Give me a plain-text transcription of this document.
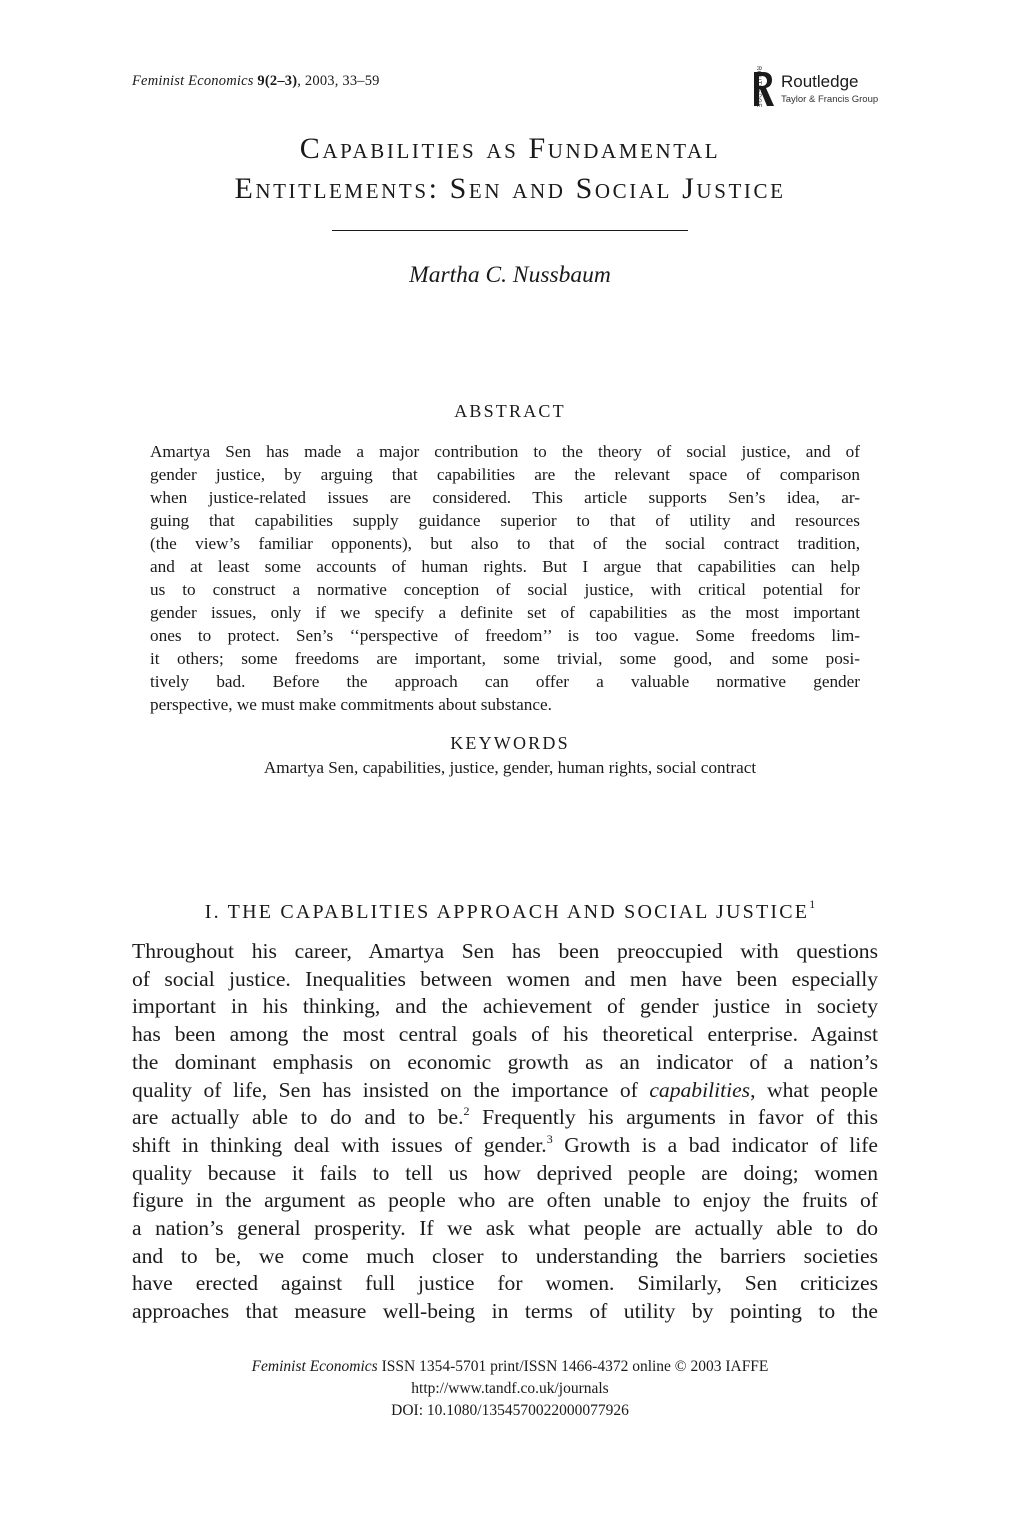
Feminist Economics 9(2–3), 2003, 33–59	ROUTLEDGE Routledge
Taylor & Francis Group
Capabilities as Fundamental
Entitlements: Sen and Social Justice
Martha C. Nussbaum
ABSTRACT
Amartya Sen has made a major contribution to the theory of social justice, and of
gender justice, by arguing that capabilities are the relevant space of comparison
when justice-related issues are considered. This article supports Sen’s idea, ar-
guing that capabilities supply guidance superior to that of utility and resources
(the view’s familiar opponents), but also to that of the social contract tradition,
and at least some accounts of human rights. But I argue that capabilities can help
us to construct a normative conception of social justice, with critical potential for
gender issues, only if we specify a definite set of capabilities as the most important
ones to protect. Sen’s ‘‘perspective of freedom’’ is too vague. Some freedoms lim-
it others; some freedoms are important, some trivial, some good, and some posi-
tively bad. Before the approach can offer a valuable normative gender
perspective, we must make commitments about substance.
KEYWORDS
Amartya Sen, capabilities, justice, gender, human rights, social contract
I. THE CAPABLITIES APPROACH AND SOCIAL JUSTICE$^1$
Throughout his career, Amartya Sen has been preoccupied with questions
of social justice. Inequalities between women and men have been especially
important in his thinking, and the achievement of gender justice in society
has been among the most central goals of his theoretical enterprise. Against
the dominant emphasis on economic growth as an indicator of a nation’s
quality of life, Sen has insisted on the importance of capabilities, what people
are actually able to do and to be.$^2$ Frequently his arguments in favor of this
shift in thinking deal with issues of gender.$^3$ Growth is a bad indicator of life
quality because it fails to tell us how deprived people are doing; women
figure in the argument as people who are often unable to enjoy the fruits of
a nation’s general prosperity. If we ask what people are actually able to do
and to be, we come much closer to understanding the barriers societies
have erected against full justice for women. Similarly, Sen criticizes
approaches that measure well-being in terms of utility by pointing to the
Feminist Economics ISSN 1354-5701 print/ISSN 1466-4372 online © 2003 IAFFE
http://www.tandf.co.uk/journals
DOI: 10.1080/1354570022000077926
